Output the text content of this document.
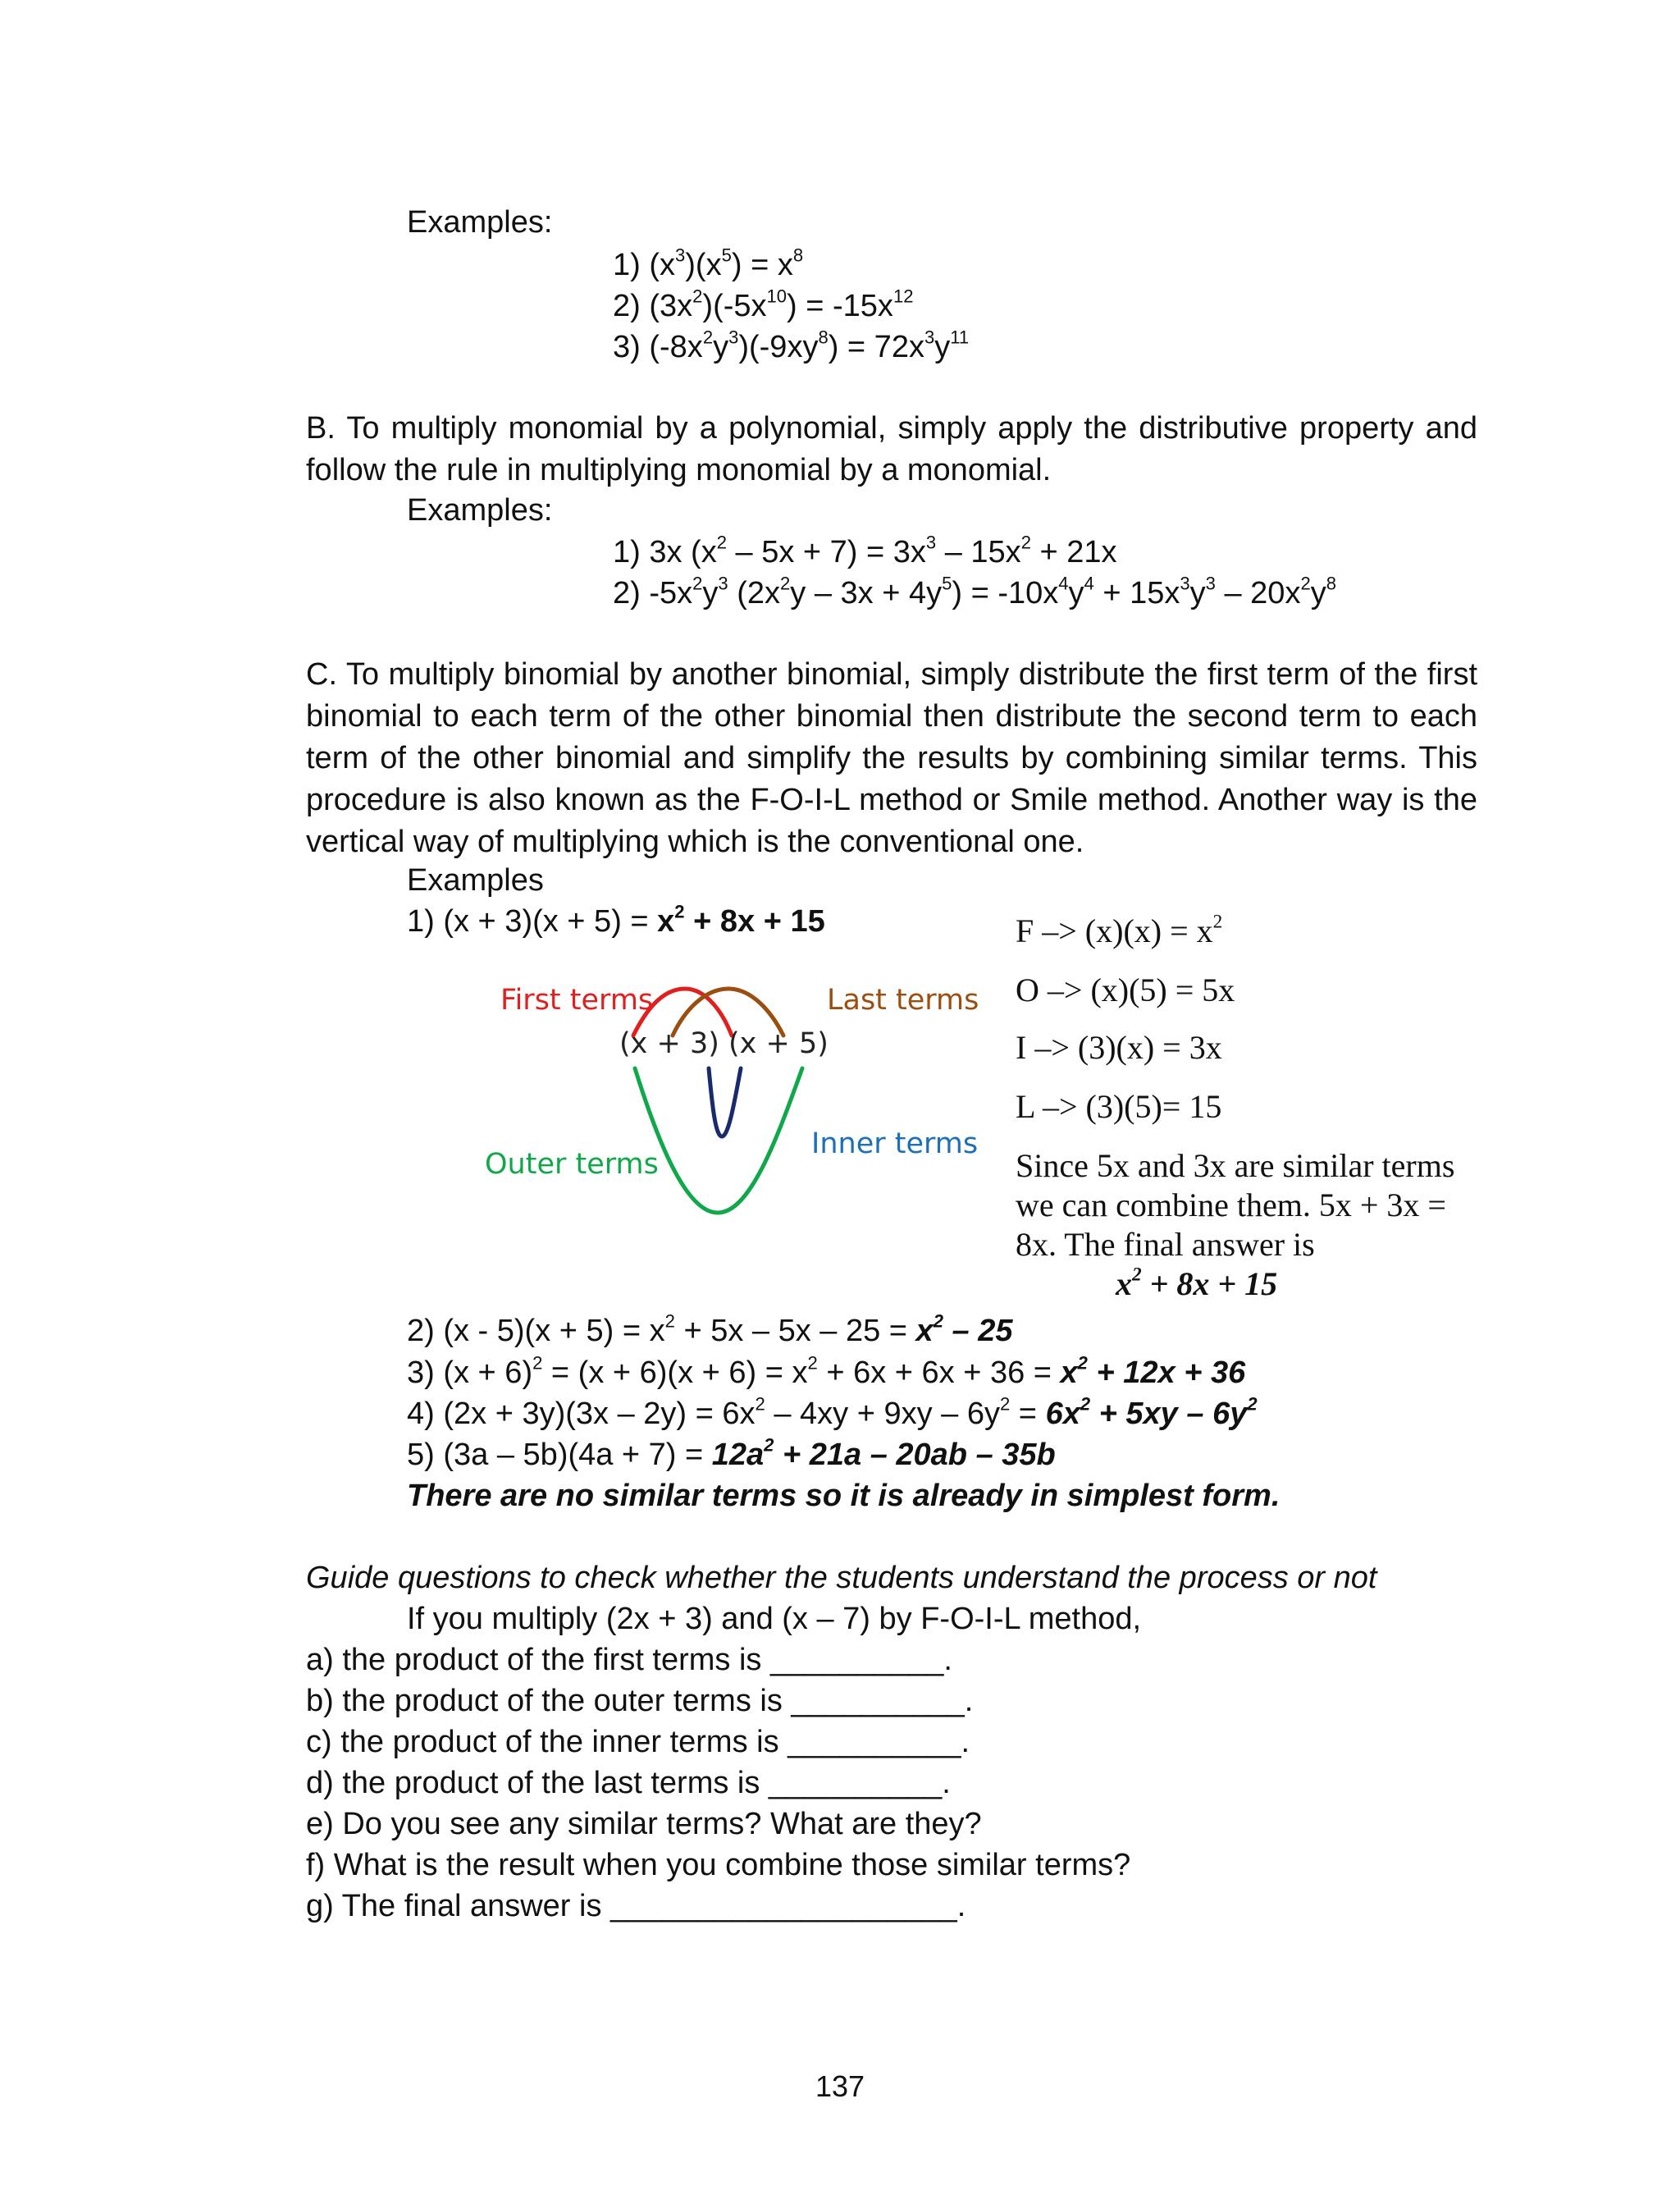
Examples:
1) $(x^3)(x^5) = x^8$
2) $(3x^2)(-5x^{10}) = -15x^{12}$
3) $(-8x^2y^3)(-9xy^8) = 72x^3y^{11}$
B. To multiply monomial by a polynomial, simply apply the distributive property and
follow the rule in multiplying monomial by a monomial.
Examples:
1) 3x $(x^2 - 5x + 7) = 3x^3 - 15x^2 + 21x$
2) $-5x^2y^3$ $(2x^2y - 3x + 4y^5) = -10x^4y^4 + 15x^3y^3 - 20x^2y^8$
C. To multiply binomial by another binomial, simply distribute the first term of the first
binomial to each term of the other binomial then distribute the second term to each
term of the other binomial and simplify the results by combining similar terms. This
procedure is also known as the F-O-I-L method or Smile method. Another way is the
vertical way of multiplying which is the conventional one.
Examples
1) $(x + 3)(x + 5) = x^2 + 8x + 15$
First terms	Last terms
Outer terms
Inner terms
(x + 3) (x + 5)
$F -> (x)(x) = x^2$
O –> (x)(5) = 5x
I –> (3)(x) = 3x
L –> (3)(5)= 15
Since 5x and 3x are similar terms
we can combine them. 5x + 3x =
8x. The final answer is
$x^2 + 8x + 15$
2) $(x - 5)(x + 5) = x^2 + 5x - 5x - 25 = x^2 - 25$
3) $(x + 6)^2 = (x + 6)(x + 6) = x^2 + 6x + 6x + 36 = x^2 + 12x + 36$
4) $(2x + 3y)(3x - 2y) = 6x^2 - 4xy + 9xy - 6y^2 = 6x^2 + 5xy - 6y^2$
5) $(3a - 5b)(4a + 7) = 12a^2 + 21a - 20ab - 35b$
There are no similar terms so it is already in simplest form.
Guide questions to check whether the students understand the process or not
If you multiply (2x + 3) and (x – 7) by F-O-I-L method,
a) the product of the first terms is __________.
b) the product of the outer terms is __________.
c) the product of the inner terms is __________.
d) the product of the last terms is __________.
e) Do you see any similar terms? What are they?
f) What is the result when you combine those similar terms?
g) The final answer is ____________________.
137
